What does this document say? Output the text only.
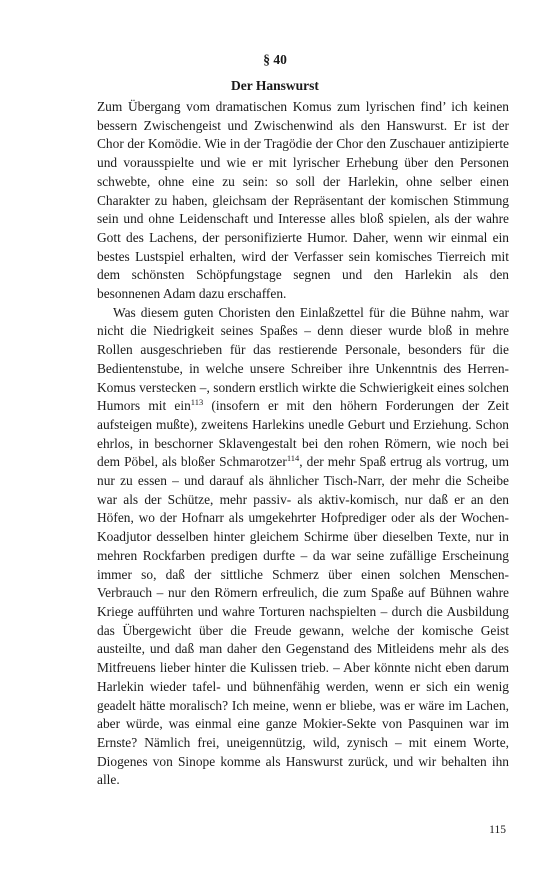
§ 40
Der Hanswurst

Zum Übergang vom dramatischen Komus zum lyrischen find’ ich keinen bessern Zwischengeist und Zwischenwind als den Hanswurst. Er ist der Chor der Komödie. Wie in der Tragödie der Chor den Zuschauer antizipierte und vorausspielte und wie er mit lyrischer Erhebung über den Personen schwebte, ohne eine zu sein: so soll der Harlekin, ohne selber einen Charakter zu haben, gleichsam der Repräsentant der komischen Stimmung sein und ohne Leidenschaft und Interesse alles bloß spielen, als der wahre Gott des Lachens, der personifizierte Humor. Daher, wenn wir einmal ein bestes Lustspiel erhalten, wird der Verfasser sein komisches Tierreich mit dem schönsten Schöpfungstage segnen und den Harlekin als den besonnenen Adam dazu erschaffen.

Was diesem guten Choristen den Einlaßzettel für die Bühne nahm, war nicht die Niedrigkeit seines Spaßes – denn dieser wurde bloß in mehre Rollen ausgeschrieben für das restierende Personale, besonders für die Bedientenstube, in welche unsere Schreiber ihre Unkenntnis des Herren-Komus verstecken –, sondern erstlich wirkte die Schwierigkeit eines solchen Humors mit ein$^{113}$ (insofern er mit den höhern Forderungen der Zeit aufsteigen mußte), zweitens Harlekins unedle Geburt und Erziehung. Schon ehrlos, in beschorner Sklavengestalt bei den rohen Römern, wie noch bei dem Pöbel, als bloßer Schmarotzer$^{114}$, der mehr Spaß ertrug als vortrug, um nur zu essen – und darauf als ähnlicher Tisch-Narr, der mehr die Scheibe war als der Schütze, mehr passiv- als aktiv-komisch, nur daß er an den Höfen, wo der Hofnarr als umgekehrter Hofprediger oder als der Wochen-Koadjutor desselben hinter gleichem Schirme über dieselben Texte, nur in mehren Rockfarben predigen durfte – da war seine zufällige Erscheinung immer so, daß der sittliche Schmerz über einen solchen Menschen-Verbrauch – nur den Römern erfreulich, die zum Spaße auf Bühnen wahre Kriege aufführten und wahre Torturen nachspielten – durch die Ausbildung das Übergewicht über die Freude gewann, welche der komische Geist austeilte, und daß man daher den Gegenstand des Mitleidens mehr als des Mitfreuens lieber hinter die Kulissen trieb. – Aber könnte nicht eben darum Harlekin wieder tafel- und bühnenfähig werden, wenn er sich ein wenig geadelt hätte moralisch? Ich meine, wenn er bliebe, was er wäre im Lachen, aber würde, was einmal eine ganze Mokier-Sekte von Pasquinen war im Ernste? Nämlich frei, uneigennützig, wild, zynisch – mit einem Worte, Diogenes von Sinope komme als Hanswurst zurück, und wir behalten ihn alle.

115
